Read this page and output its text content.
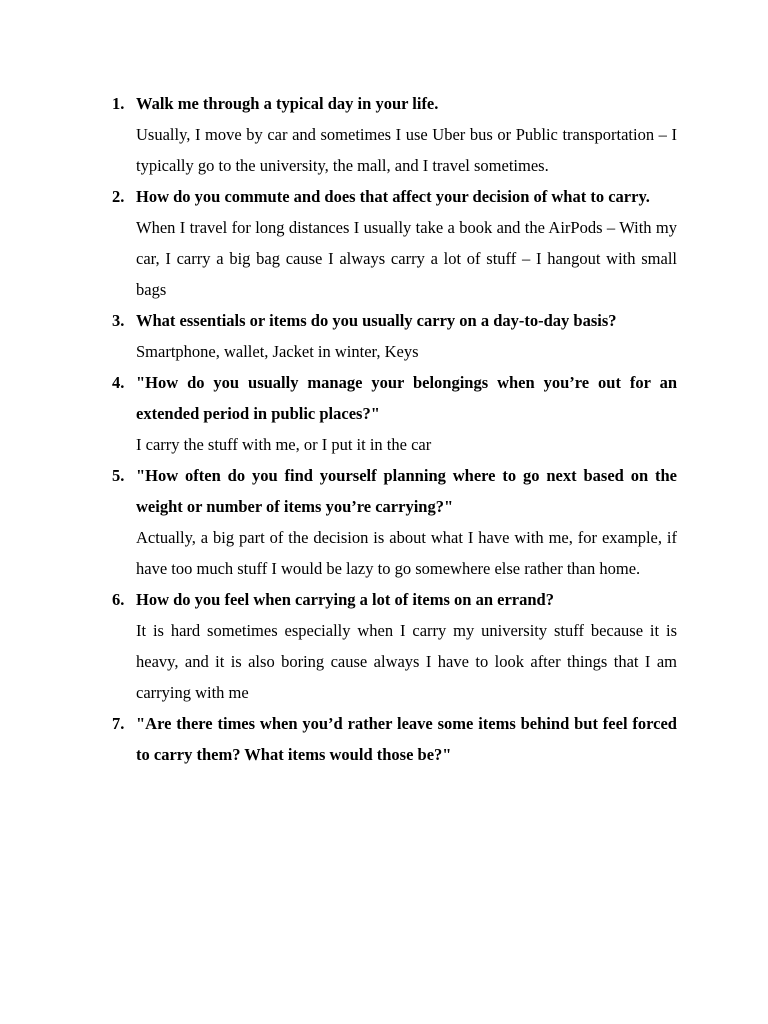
1. Walk me through a typical day in your life.

Usually, I move by car and sometimes I use Uber bus or Public transportation – I typically go to the university, the mall, and I travel sometimes.

2. How do you commute and does that affect your decision of what to carry.

When I travel for long distances I usually take a book and the AirPods – With my car, I carry a big bag cause I always carry a lot of stuff – I hangout with small bags

3. What essentials or items do you usually carry on a day-to-day basis?

Smartphone, wallet, Jacket in winter, Keys

4. "How do you usually manage your belongings when you’re out for an extended period in public places?"

I carry the stuff with me, or I put it in the car

5. "How often do you find yourself planning where to go next based on the weight or number of items you’re carrying?"

Actually, a big part of the decision is about what I have with me, for example, if have too much stuff I would be lazy to go somewhere else rather than home.

6. How do you feel when carrying a lot of items on an errand?

It is hard sometimes especially when I carry my university stuff because it is heavy, and it is also boring cause always I have to look after things that I am carrying with me

7. "Are there times when you’d rather leave some items behind but feel forced to carry them? What items would those be?"
